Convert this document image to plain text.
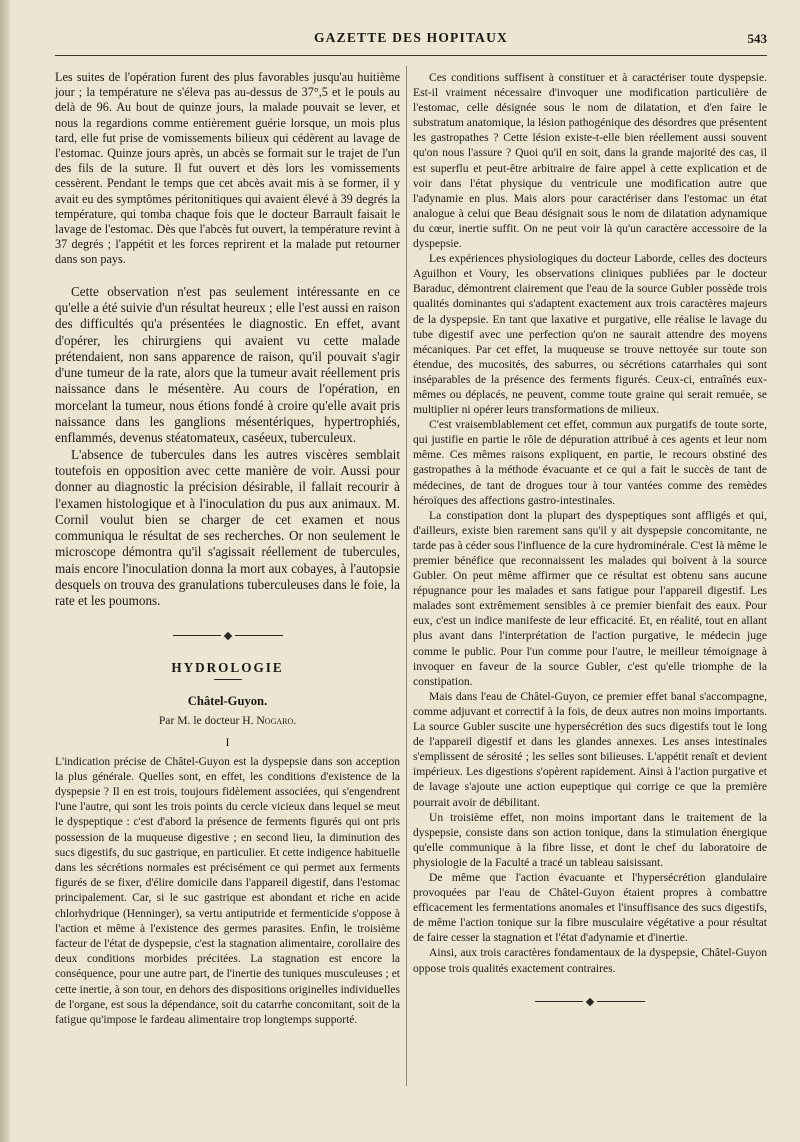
GAZETTE DES HOPITAUX	543

Les suites de l'opération furent des plus favorables jusqu'au huitième jour ; la température ne s'éleva pas au-dessus de 37°,5 et le pouls au delà de 96. Au bout de quinze jours, la malade pouvait se lever, et nous la regardions comme entièrement guérie lorsque, un mois plus tard, elle fut prise de vomissements bilieux qui cédèrent au lavage de l'estomac. Quinze jours après, un abcès se formait sur le trajet de l'un des fils de la suture. Il fut ouvert et dès lors les vomissements cessèrent. Pendant le temps que cet abcès avait mis à se former, il y avait eu des symptômes péritonitiques qui avaient élevé à 39 degrés la température, qui tomba chaque fois que le docteur Barrault faisait le lavage de l'estomac. Dès que l'abcès fut ouvert, la température revint à 37 degrés ; l'appétit et les forces reprirent et la malade put retourner dans son pays.

Cette observation n'est pas seulement intéressante en ce qu'elle a été suivie d'un résultat heureux ; elle l'est aussi en raison des difficultés qu'a présentées le diagnostic. En effet, avant d'opérer, les chirurgiens qui avaient vu cette malade prétendaient, non sans apparence de raison, qu'il pouvait s'agir d'une tumeur de la rate, alors que la tumeur avait réellement pris naissance dans le mésentère. Au cours de l'opération, en morcelant la tumeur, nous étions fondé à croire qu'elle avait pris naissance dans les ganglions mésentériques, hypertrophiés, enflammés, devenus stéatomateux, caséeux, tuberculeux.

L'absence de tubercules dans les autres viscères semblait toutefois en opposition avec cette manière de voir. Aussi pour donner au diagnostic la précision désirable, il fallait recourir à l'examen histologique et à l'inoculation du pus aux animaux. M. Cornil voulut bien se charger de cet examen et nous communiqua le résultat de ses recherches. Or non seulement le microscope démontra qu'il s'agissait réellement de tubercules, mais encore l'inoculation donna la mort aux cobayes, à l'autopsie desquels on trouva des granulations tuberculeuses dans le foie, la rate et les poumons.

HYDROLOGIE
Châtel-Guyon.
Par M. le docteur H. Nogaro.
I

L'indication précise de Châtel-Guyon est la dyspepsie dans son acception la plus générale. Quelles sont, en effet, les conditions d'existence de la dyspepsie ? Il en est trois, toujours fidèlement associées, qui s'engendrent l'une l'autre, qui sont les trois points du cercle vicieux dans lequel se meut le dyspeptique : c'est d'abord la présence de ferments figurés qui ont pris possession de la muqueuse digestive ; en second lieu, la diminution des sucs digestifs, du suc gastrique, en particulier. Et cette indigence habituelle dans les sécrétions normales est précisément ce qui permet aux ferments figurés de se fixer, d'élire domicile dans l'appareil digestif, dans l'estomac principalement. Car, si le suc gastrique est abondant et riche en acide chlorhydrique (Henninger), sa vertu antiputride et fermenticide s'oppose à l'action et même à l'existence des germes parasites. Enfin, le troisième facteur de l'état de dyspepsie, c'est la stagnation alimentaire, corollaire des deux conditions morbides précitées. La stagnation est encore la conséquence, pour une autre part, de l'inertie des tuniques musculeuses ; et cette inertie, à son tour, en dehors des dispositions originelles individuelles de l'organe, est sous la dépendance, soit du catarrhe concomitant, soit de la fatigue qu'impose le fardeau alimentaire trop longtemps supporté.

Ces conditions suffisent à constituer et à caractériser toute dyspepsie. Est-il vraiment nécessaire d'invoquer une modification particulière de l'estomac, celle désignée sous le nom de dilatation, et d'en faire le substratum anatomique, la lésion pathogénique des désordres que présentent les gastropathes ? Cette lésion existe-t-elle bien réellement aussi souvent qu'on nous l'assure ? Quoi qu'il en soit, dans la grande majorité des cas, il est superflu et peut-être arbitraire de faire appel à cette explication et de voir dans l'état physique du ventricule une modification autre que l'adynamie en plus. Mais alors pour caractériser dans l'estomac un état analogue à celui que Beau désignait sous le nom de dilatation adynamique du cœur, inertie suffit. On ne peut voir là qu'un caractère accessoire de la dyspepsie.

Les expériences physiologiques du docteur Laborde, celles des docteurs Aguilhon et Voury, les observations cliniques publiées par le docteur Baraduc, démontrent clairement que l'eau de la source Gubler possède trois qualités dominantes qui s'adaptent exactement aux trois caractères majeurs de la dyspepsie. En tant que laxative et purgative, elle réalise le lavage du tube digestif avec une perfection qu'on ne saurait attendre des moyens mécaniques. Par cet effet, la muqueuse se trouve nettoyée sur toute son étendue, des mucosités, des saburres, ou sécrétions catarrhales qui sont inséparables de la présence des ferments figurés. Ceux-ci, entraînés eux-mêmes ou déplacés, ne peuvent, comme toute graine qui serait remuée, se multiplier ni opérer leurs transformations de milieux.

C'est vraisemblablement cet effet, commun aux purgatifs de toute sorte, qui justifie en partie le rôle de dépuration attribué à ces agents et leur nom même. Ces mêmes raisons expliquent, en partie, le recours obstiné des gastropathes à la méthode évacuante et ce qui a fait le succès de tant de médecines, de tant de drogues tour à tour vantées comme des remèdes héroïques des affections gastro-intestinales.

La constipation dont la plupart des dyspeptiques sont affligés et qui, d'ailleurs, existe bien rarement sans qu'il y ait dyspepsie concomitante, ne tarde pas à céder sous l'influence de la cure hydrominérale. C'est là même le premier bénéfice que reconnaissent les malades qui boivent à la source Gubler. On peut même affirmer que ce résultat est obtenu sans aucune répugnance pour les malades et sans fatigue pour l'appareil digestif. Les malades sont extrêmement sensibles à ce premier bienfait des eaux. Pour eux, c'est un indice manifeste de leur efficacité. Et, en réalité, tout en allant plus avant dans l'interprétation de l'action purgative, le médecin juge comme le public. Pour l'un comme pour l'autre, le meilleur témoignage à invoquer en faveur de la source Gubler, c'est qu'elle triomphe de la constipation.

Mais dans l'eau de Châtel-Guyon, ce premier effet banal s'accompagne, comme adjuvant et correctif à la fois, de deux autres non moins importants. La source Gubler suscite une hypersécrétion des sucs digestifs tout le long de l'appareil digestif et dans les glandes annexes. Les anses intestinales s'emplissent de sérosité ; les selles sont bilieuses. L'appétit renaît et devient impérieux. Les digestions s'opèrent rapidement. Ainsi à l'action purgative et de lavage s'ajoute une action eupeptique qui corrige ce que la première pourrait avoir de débilitant.

Un troisième effet, non moins important dans le traitement de la dyspepsie, consiste dans son action tonique, dans la stimulation énergique qu'elle communique à la fibre lisse, et dont le chef du laboratoire de physiologie de la Faculté a tracé un tableau saisissant.

De même que l'action évacuante et l'hypersécrétion glandulaire provoquées par l'eau de Châtel-Guyon étaient propres à combattre efficacement les fermentations anomales et l'insuffisance des sucs digestifs, de même l'action tonique sur la fibre musculaire végétative a pour résultat de faire cesser la stagnation et l'état d'adynamie et d'inertie.

Ainsi, aux trois caractères fondamentaux de la dyspepsie, Châtel-Guyon oppose trois qualités exactement contraires.
